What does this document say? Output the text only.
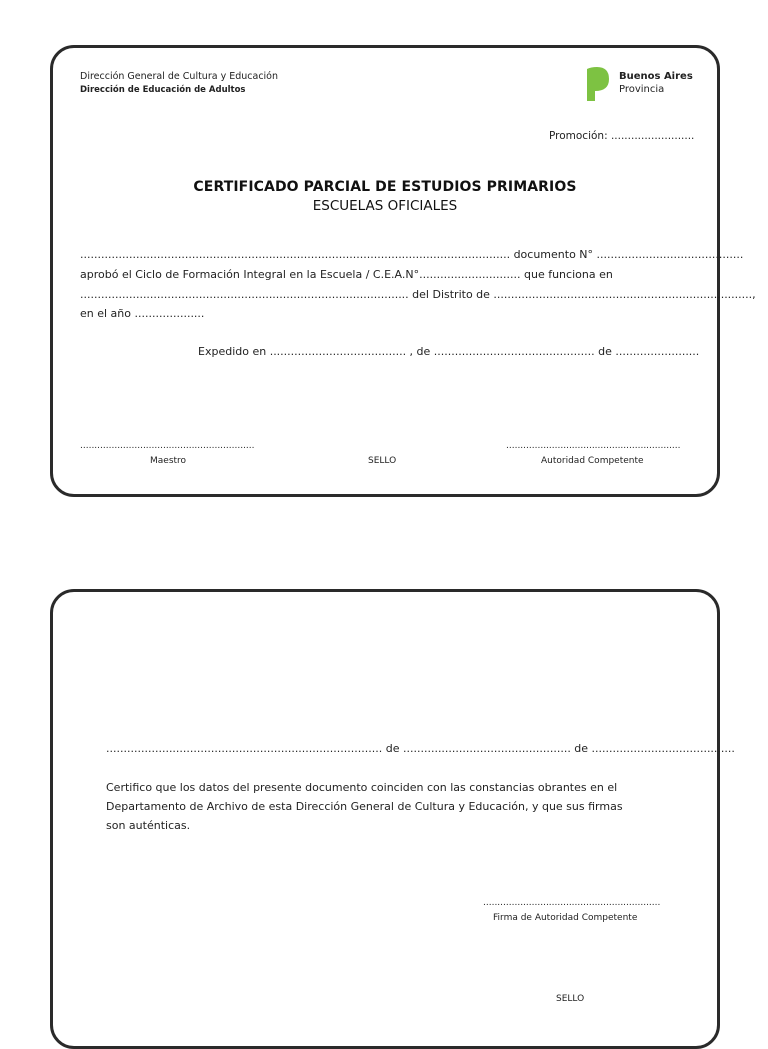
Dirección General de Cultura y Educación
Dirección de Educación de Adultos
Buenos Aires
Provincia
Promoción: .........................
CERTIFICADO PARCIAL DE ESTUDIOS PRIMARIOS
ESCUELAS OFICIALES
........................................................................................................................... documento N° ..........................................
aprobó el Ciclo de Formación Integral en la Escuela / C.E.A.N°............................. que funciona en
.............................................................................................. del Distrito de ..........................................................................,
en el año ....................
Expedido en ....................................... , de .............................................. de ........................
.............................................................	.............................................................
Maestro	SELLO	Autoridad Competente
............................................................................... de ................................................ de .........................................
Certifico que los datos del presente documento coinciden con las constancias obrantes en el
Departamento de Archivo de esta Dirección General de Cultura y Educación, y que sus firmas
son auténticas.
..............................................................
Firma de Autoridad Competente
SELLO
